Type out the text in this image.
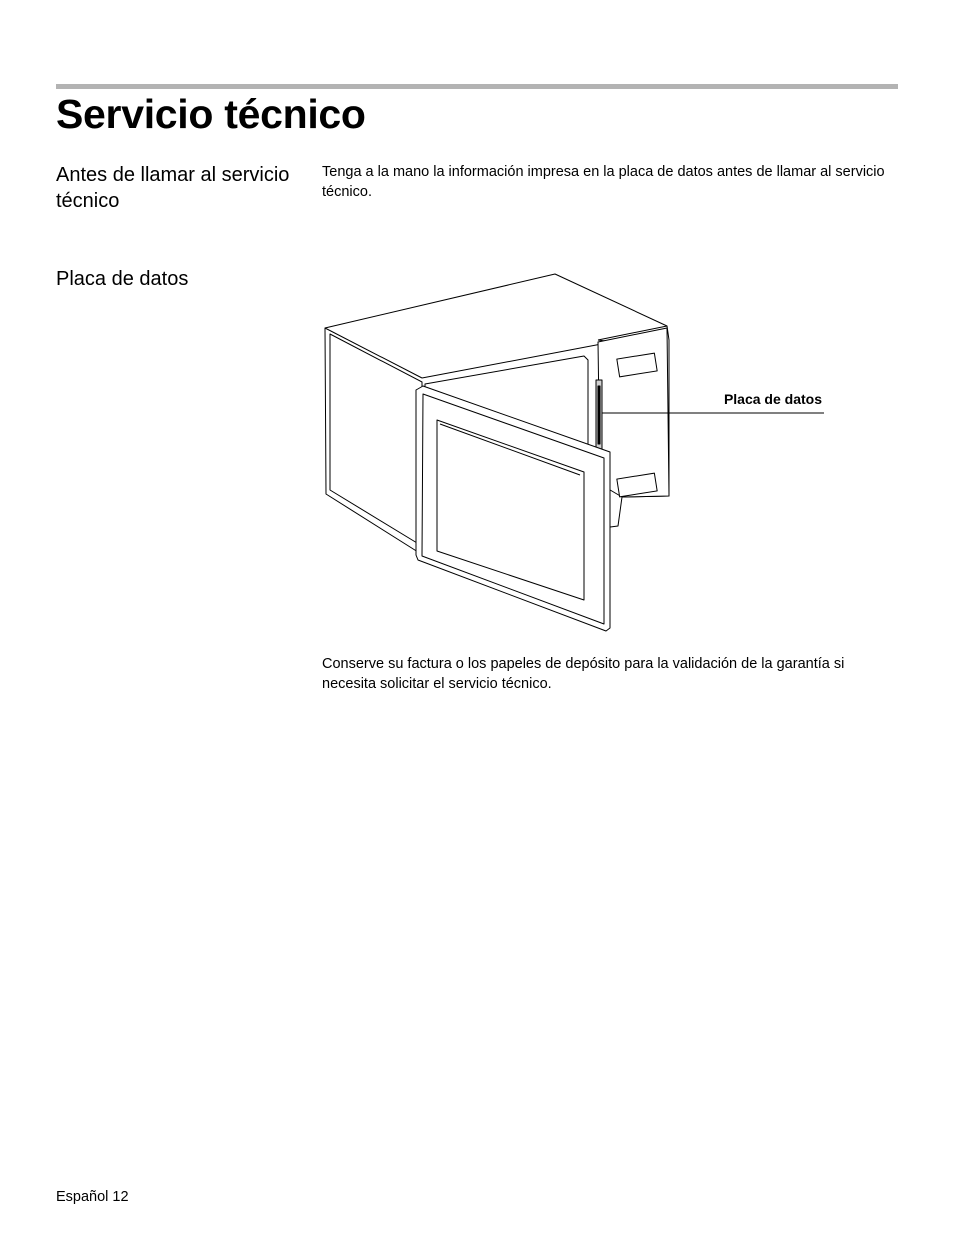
Servicio técnico
Antes de llamar al servicio técnico

Tenga a la mano la información impresa en la placa de datos antes de llamar al servicio técnico.

Placa de datos
Placa de datos

Conserve su factura o los papeles de depósito para la validación de la garantía si necesita solicitar el servicio técnico.

Español 12
